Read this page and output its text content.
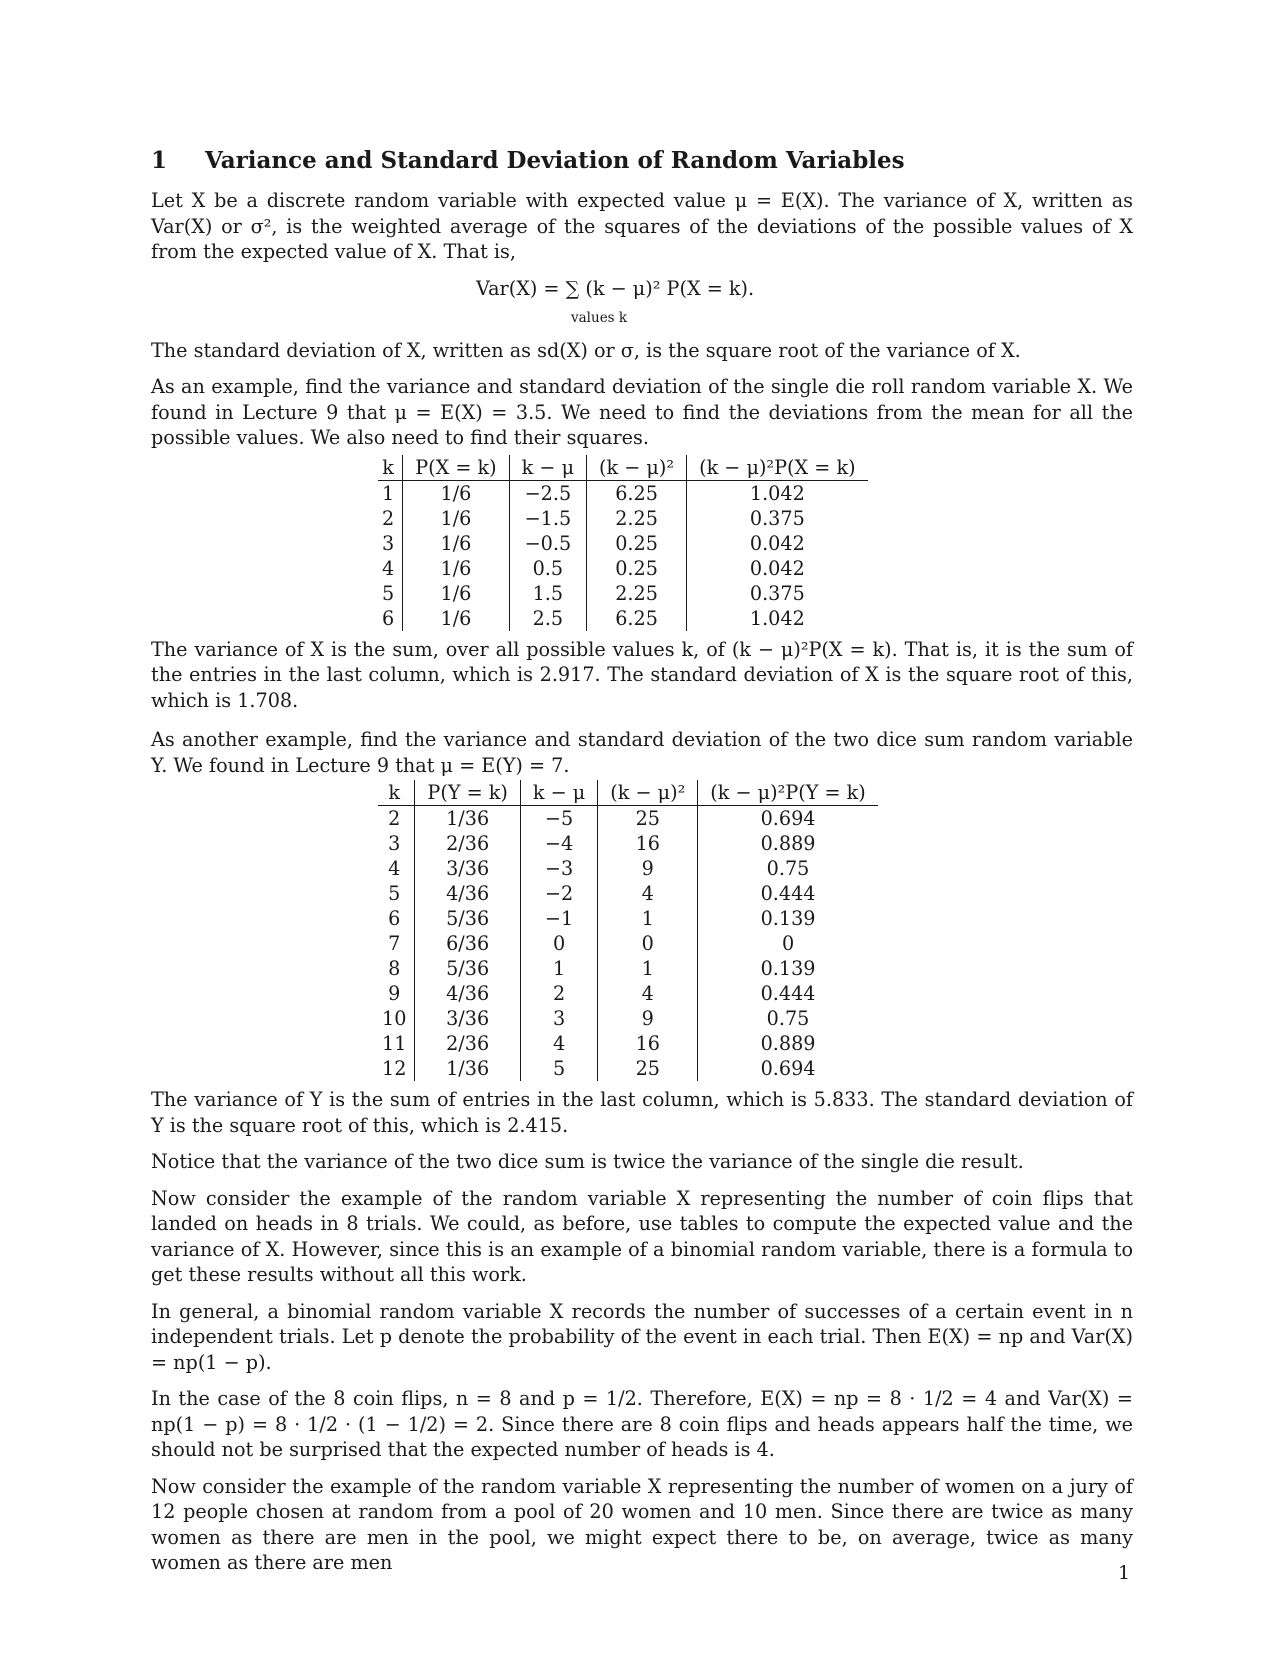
1 Variance and Standard Deviation of Random Variables

Let X be a discrete random variable with expected value μ = E(X). The variance of X, written as Var(X) or σ², is the weighted average of the squares of the deviations of the possible values of X from the expected value of X. That is,

Var(X) = ∑ (k − μ)² P(X = k).
values k

The standard deviation of X, written as sd(X) or σ, is the square root of the variance of X.

As an example, find the variance and standard deviation of the single die roll random variable X. We found in Lecture 9 that μ = E(X) = 3.5. We need to find the deviations from the mean for all the possible values. We also need to find their squares.

k	P(X = k)	k − μ	(k − μ)²	(k − μ)²P(X = k)
1	1/6	−2.5	6.25	1.042
2	1/6	−1.5	2.25	0.375
3	1/6	−0.5	0.25	0.042
4	1/6	0.5	0.25	0.042
5	1/6	1.5	2.25	0.375
6	1/6	2.5	6.25	1.042

The variance of X is the sum, over all possible values k, of (k − μ)²P(X = k). That is, it is the sum of the entries in the last column, which is 2.917. The standard deviation of X is the square root of this, which is 1.708.

As another example, find the variance and standard deviation of the two dice sum random variable Y. We found in Lecture 9 that μ = E(Y) = 7.

k	P(Y = k)	k − μ	(k − μ)²	(k − μ)²P(Y = k)
2	1/36	−5	25	0.694
3	2/36	−4	16	0.889
4	3/36	−3	9	0.75
5	4/36	−2	4	0.444
6	5/36	−1	1	0.139
7	6/36	0	0	0
8	5/36	1	1	0.139
9	4/36	2	4	0.444
10	3/36	3	9	0.75
11	2/36	4	16	0.889
12	1/36	5	25	0.694

The variance of Y is the sum of entries in the last column, which is 5.833. The standard deviation of Y is the square root of this, which is 2.415.

Notice that the variance of the two dice sum is twice the variance of the single die result.

Now consider the example of the random variable X representing the number of coin flips that landed on heads in 8 trials. We could, as before, use tables to compute the expected value and the variance of X. However, since this is an example of a binomial random variable, there is a formula to get these results without all this work.

In general, a binomial random variable X records the number of successes of a certain event in n independent trials. Let p denote the probability of the event in each trial. Then E(X) = np and Var(X) = np(1 − p).

In the case of the 8 coin flips, n = 8 and p = 1/2. Therefore, E(X) = np = 8 · 1/2 = 4 and Var(X) = np(1 − p) = 8 · 1/2 · (1 − 1/2) = 2. Since there are 8 coin flips and heads appears half the time, we should not be surprised that the expected number of heads is 4.

Now consider the example of the random variable X representing the number of women on a jury of 12 people chosen at random from a pool of 20 women and 10 men. Since there are twice as many women as there are men in the pool, we might expect there to be, on average, twice as many women as there are men	1
